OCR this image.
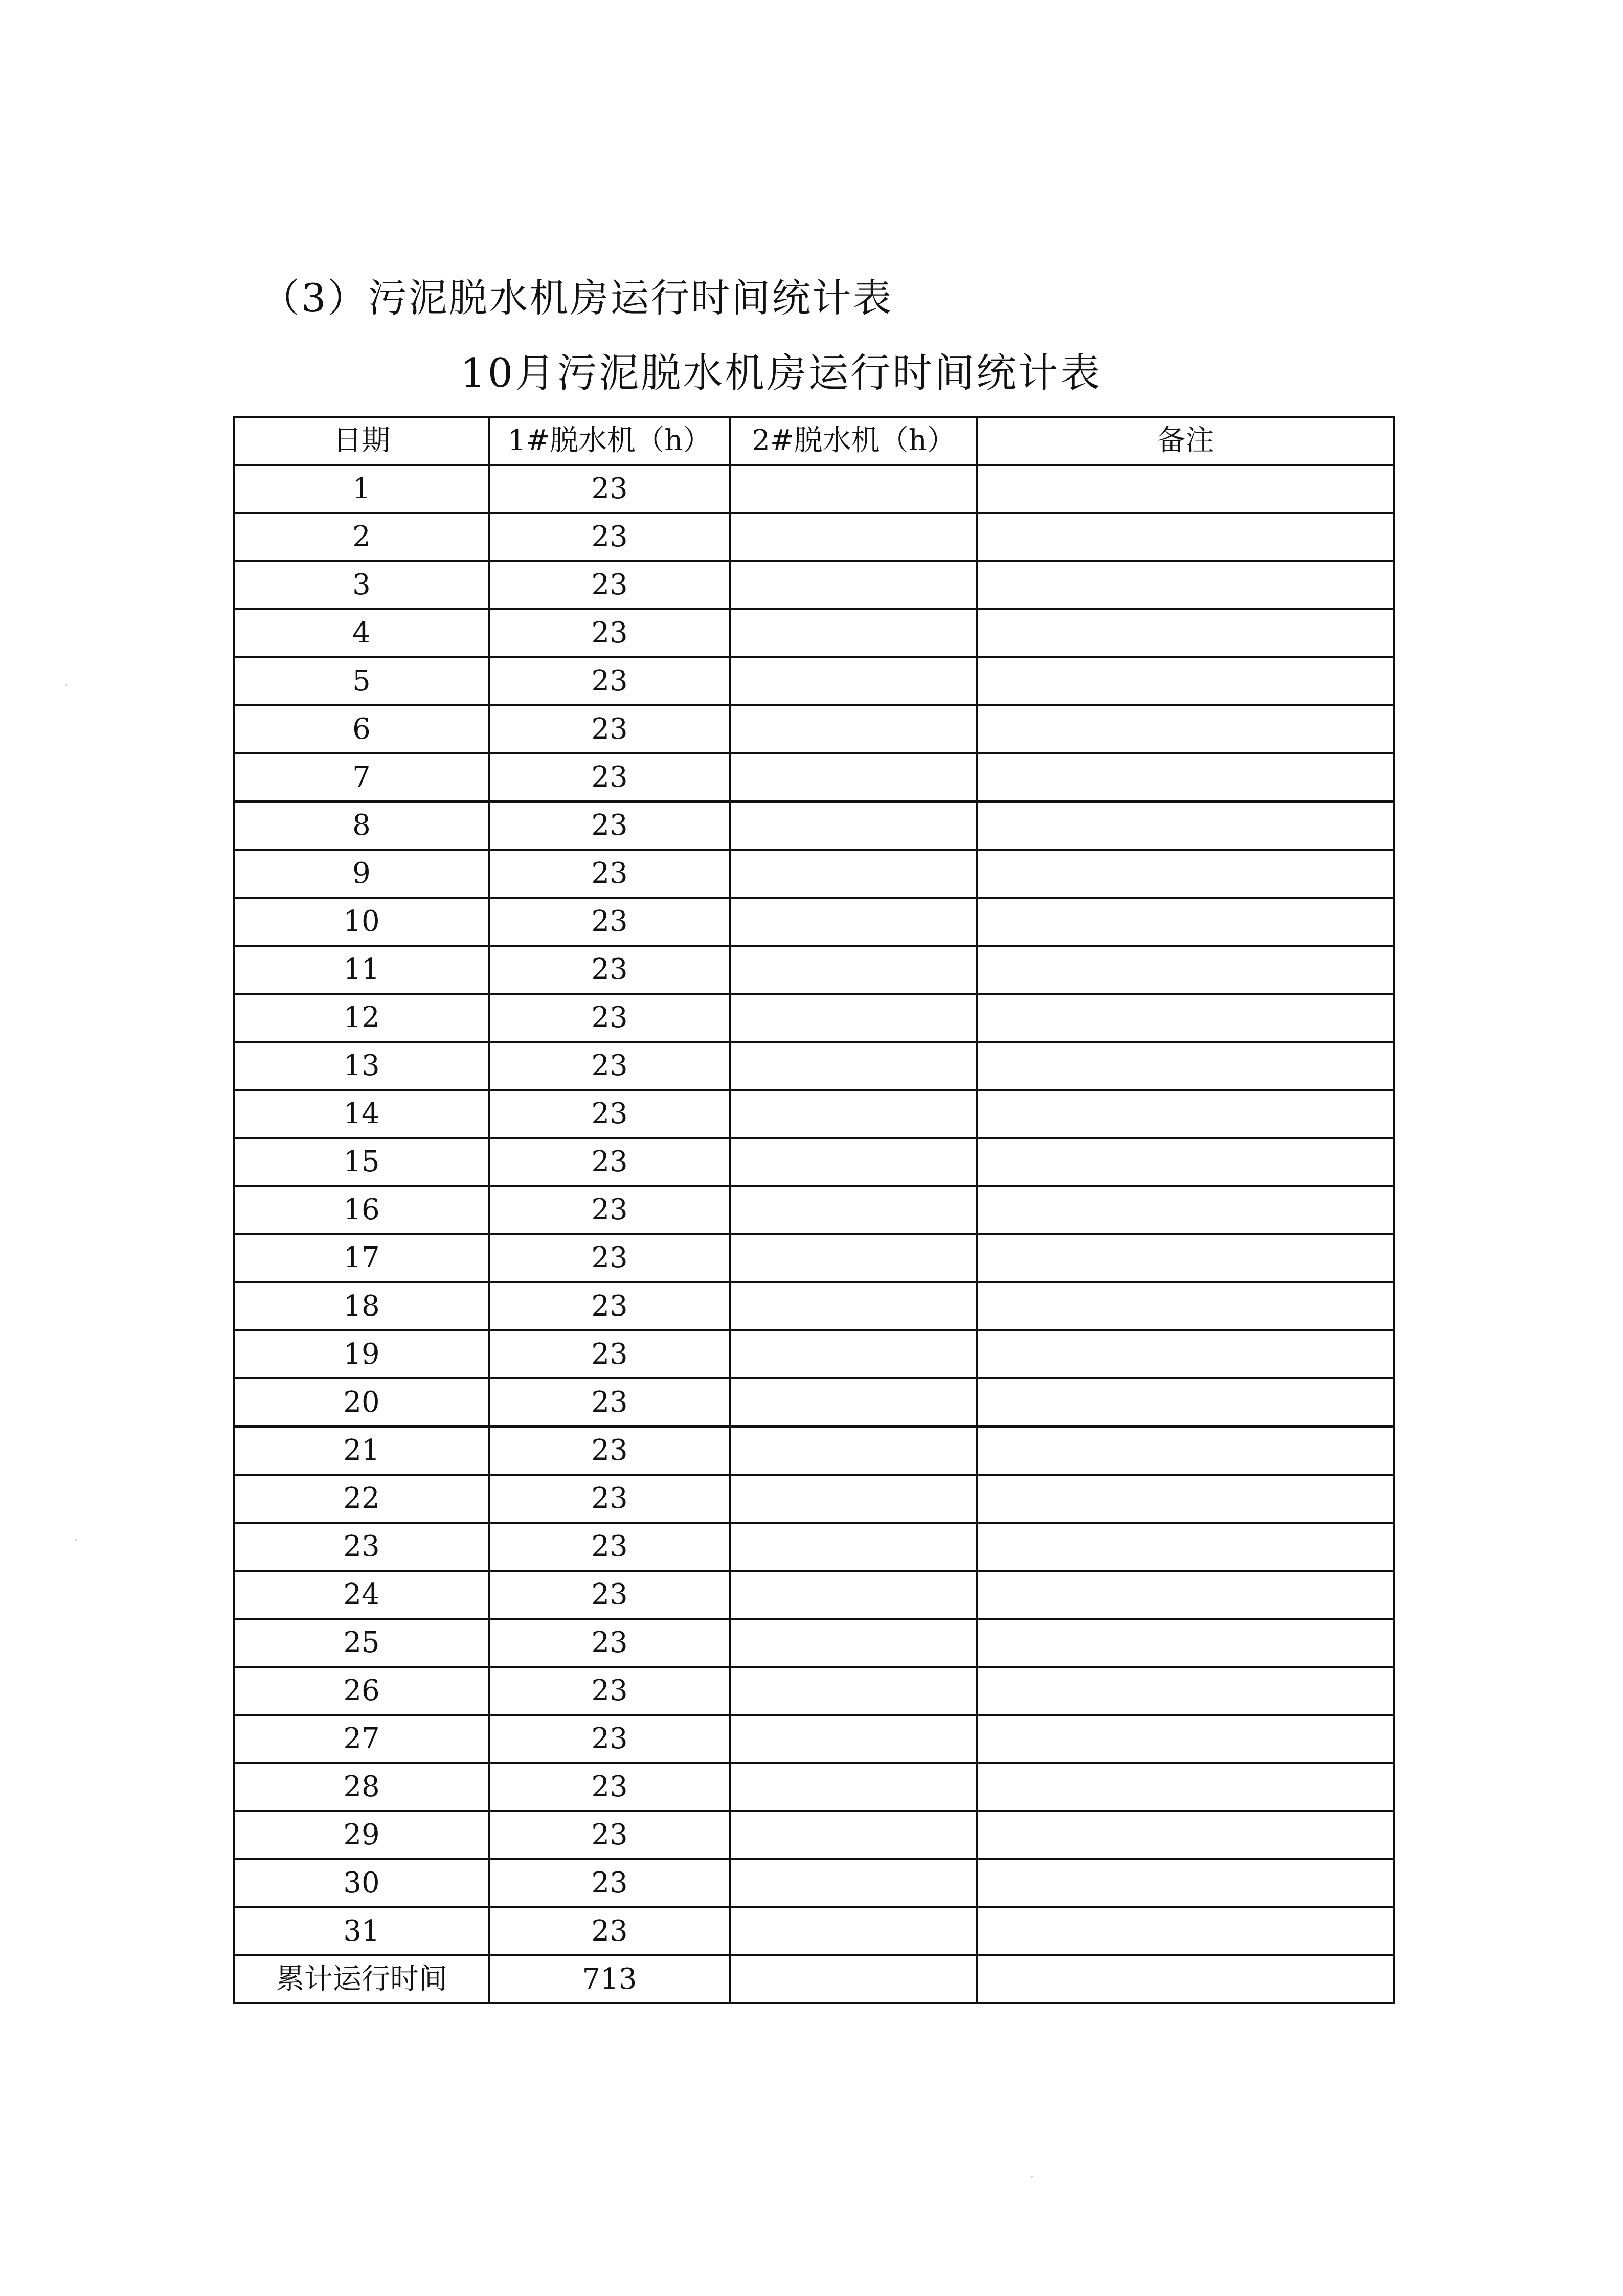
（3）污泥脱水机房运行时间统计表
10月污泥脱水机房运行时间统计表
日期	1#脱水机（h）	2#脱水机（h）	备注
1	23		
2	23		
3	23		
4	23		
5	23		
6	23		
7	23		
8	23		
9	23		
10	23		
11	23		
12	23		
13	23		
14	23		
15	23		
16	23		
17	23		
18	23		
19	23		
20	23		
21	23		
22	23		
23	23		
24	23		
25	23		
26	23		
27	23		
28	23		
29	23		
30	23		
31	23		
累计运行时间	713		
